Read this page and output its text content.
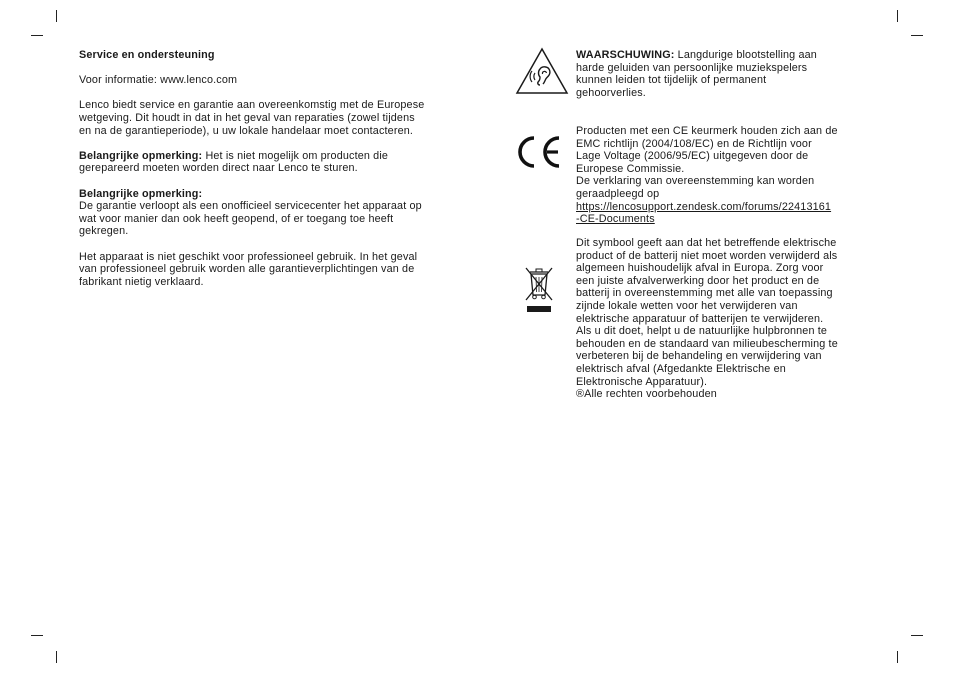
Service en ondersteuning

Voor informatie: www.lenco.com

Lenco biedt service en garantie aan overeenkomstig met de Europese
wetgeving. Dit houdt in dat in het geval van reparaties (zowel tijdens
en na de garantieperiode), u uw lokale handelaar moet contacteren.

Belangrijke opmerking: Het is niet mogelijk om producten die
gerepareerd moeten worden direct naar Lenco te sturen.

Belangrijke opmerking:
De garantie verloopt als een onofficieel servicecenter het apparaat op
wat voor manier dan ook heeft geopend, of er toegang toe heeft
gekregen.

Het apparaat is niet geschikt voor professioneel gebruik. In het geval
van professioneel gebruik worden alle garantieverplichtingen van de
fabrikant nietig verklaard.

WAARSCHUWING: Langdurige blootstelling aan
harde geluiden van persoonlijke muziekspelers
kunnen leiden tot tijdelijk of permanent
gehoorverlies.

Producten met een CE keurmerk houden zich aan de
EMC richtlijn (2004/108/EC) en de Richtlijn voor
Lage Voltage (2006/95/EC) uitgegeven door de
Europese Commissie.
De verklaring van overeenstemming kan worden
geraadpleegd op

https://lencosupport.zendesk.com/forums/22413161
-CE-Documents

Dit symbool geeft aan dat het betreffende elektrische
product of de batterij niet moet worden verwijderd als
algemeen huishoudelijk afval in Europa. Zorg voor
een juiste afvalverwerking door het product en de
batterij in overeenstemming met alle van toepassing
zijnde lokale wetten voor het verwijderen van
elektrische apparatuur of batterijen te verwijderen.
Als u dit doet, helpt u de natuurlijke hulpbronnen te
behouden en de standaard van milieubescherming te
verbeteren bij de behandeling en verwijdering van
elektrisch afval (Afgedankte Elektrische en
Elektronische Apparatuur).

®Alle rechten voorbehouden
